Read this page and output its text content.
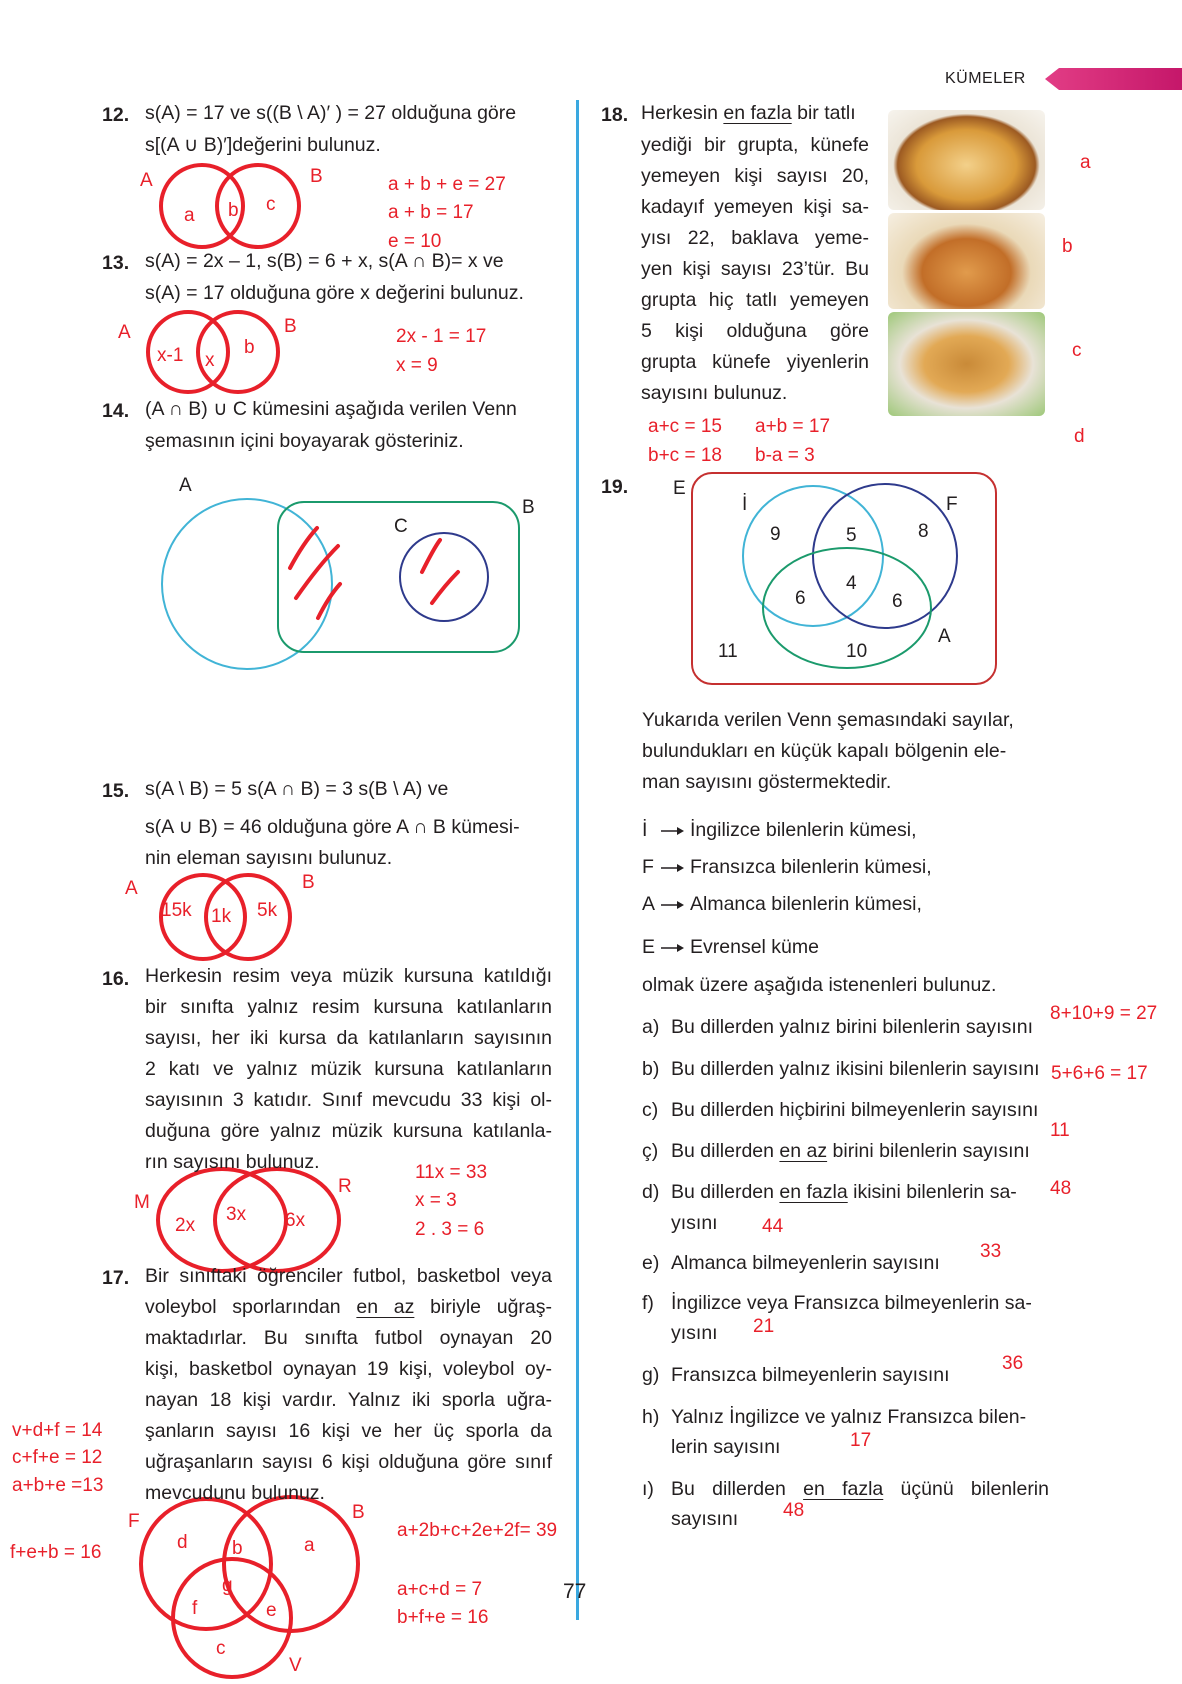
KÜMELER
12. s(A) = 17 ve s((B \ A)′ ) = 27 olduğuna göre
s[(A ∪ B)′]değerini bulunuz.
A	B
a b c
a + b + e = 27
a + b = 17
e = 10
13. s(A) = 2x – 1, s(B) = 6 + x, s(A ∩ B)= x ve
s(A) = 17 olduğuna göre x değerini bulunuz.
A	B
x-1 x
b
2x - 1 = 17
x = 9
14. (A ∩ B) ∪ C kümesini aşağıda verilen Venn
şemasının içini boyayarak gösteriniz.
A
B
C
15. s(A \ B) = 5 s(A ∩ B) = 3 s(B \ A) ve
s(A ∪ B) = 46 olduğuna göre A ∩ B kümesi-
nin eleman sayısını bulunuz.
A	B
15k 1k 5k
16. Herkesin resim veya müzik kursuna katıldığı
bir sınıfta yalnız resim kursuna katılanların
sayısı, her iki kursa da katılanların sayısının
2 katı ve yalnız müzik kursuna katılanların
sayısının 3 katıdır. Sınıf mevcudu 33 kişi ol-
duğuna göre yalnız müzik kursuna katılanla-
rın sayısını bulunuz.
M
R
2x
3x 6x
11x = 33
x = 3
2 . 3 = 6
17. Bir sınıftaki öğrenciler futbol, basketbol veya
voleybol sporlarından en az biriyle uğraş-
maktadırlar. Bu sınıfta futbol oynayan 20
kişi, basketbol oynayan 19 kişi, voleybol oy-
nayan 18 kişi vardır. Yalnız iki sporla uğra-
şanların sayısı 16 kişi ve her üç sporla da
uğraşanların sayısı 6 kişi olduğuna göre sınıf
mevcudunu bulunuz.
v+d+f = 14
c+f+e = 12
a+b+e =13
f+e+b = 16
F	B
V
d b	a
g
f	e
c
a+2b+c+2e+2f= 39
a+c+d = 7
b+f+e = 16
77
18. Herkesin en fazla bir tatlı
yediği bir grupta, künefe
yemeyen kişi sayısı 20,
kadayıf yemeyen kişi sa-
yısı 22, baklava yeme-
yen kişi sayısı 23’tür. Bu
grupta hiç tatlı yemeyen
5 kişi olduğuna göre
grupta künefe yiyenlerin
sayısını bulunuz.
a
b
c
d
a+c = 15 a+b = 17
b+c = 18 b-a = 3
19. E
İ	F
A
9	5	8
6
4
6
11	10
Yukarıda verilen Venn şemasındaki sayılar,
bulundukları en küçük kapalı bölgenin ele-
man sayısını göstermektedir.
İ İngilizce bilenlerin kümesi,
F Fransızca bilenlerin kümesi,
A Almanca bilenlerin kümesi,
E Evrensel küme
olmak üzere aşağıda istenenleri bulunuz.
a) Bu dillerden yalnız birini bilenlerin sayısını
8+10+9 = 27
b) Bu dillerden yalnız ikisini bilenlerin sayısını 5+6+6 = 17
c) Bu dillerden hiçbirini bilmeyenlerin sayısını
11
ç) Bu dillerden en az birini bilenlerin sayısını
d) Bu dillerden en fazla ikisini bilenlerin sa- 48
yısını 44
e) Almanca bilmeyenlerin sayısını
33
f) İngilizce veya Fransızca bilmeyenlerin sa-
yısını 21
g) Fransızca bilmeyenlerin sayısını
36
h) Yalnız İngilizce ve yalnız Fransızca bilen-
lerin sayısını	17
ı) Bu dillerden en fazla üçünü bilenlerin
sayısını 48
